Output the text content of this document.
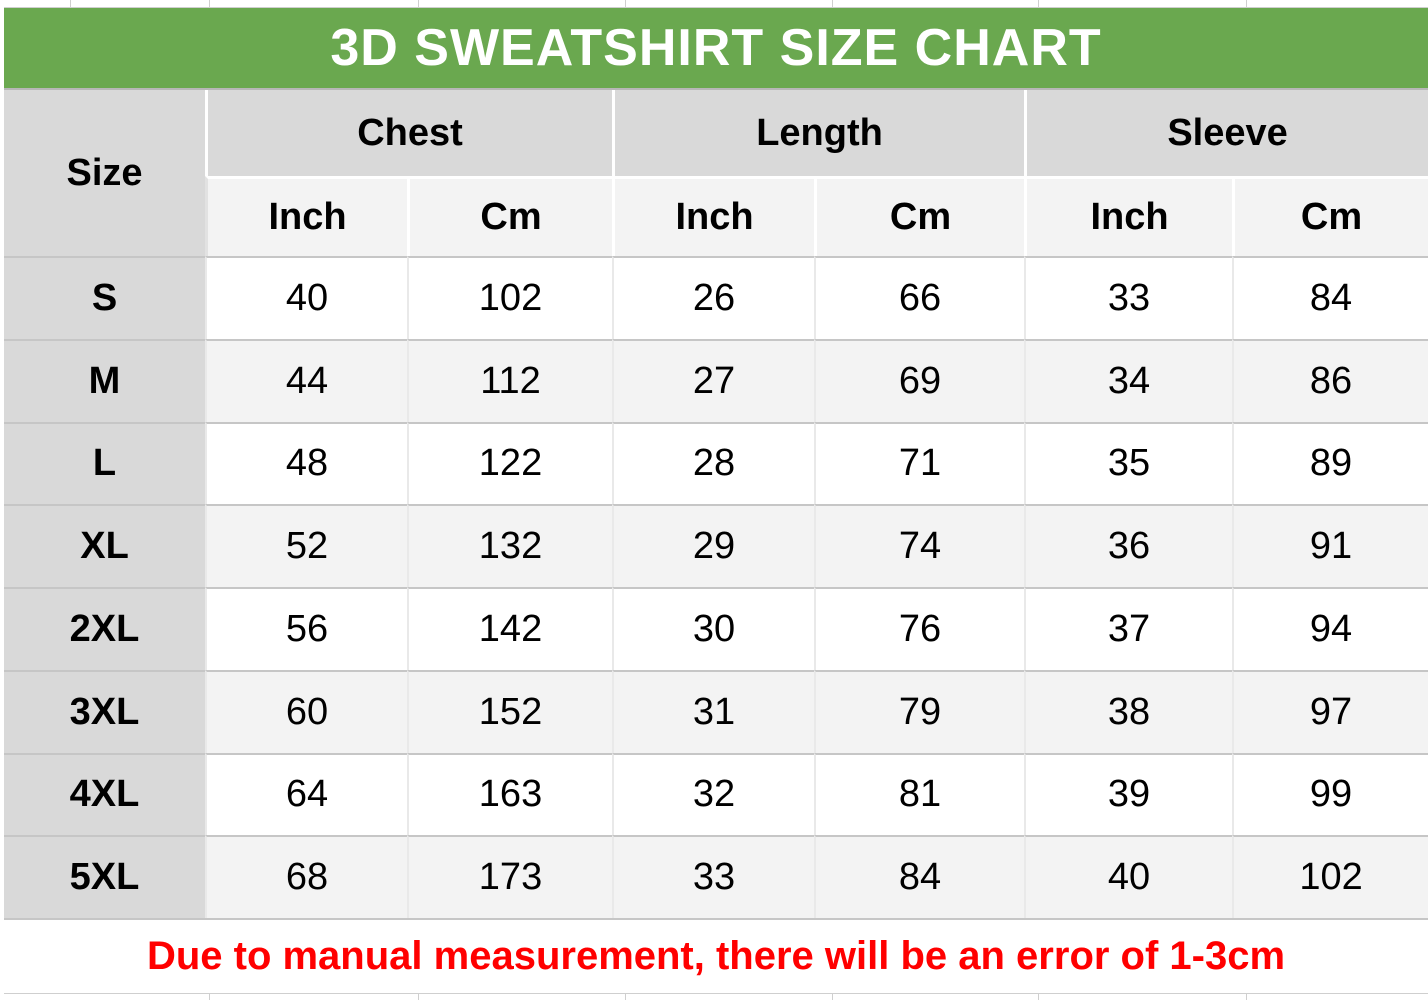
3D SWEATSHIRT SIZE CHART
Size	Chest		Length		Sleeve	
	Inch	Cm	Inch	Cm	Inch	Cm
S	40	102	26	66	33	84
M	44	112	27	69	34	86
L	48	122	28	71	35	89
XL	52	132	29	74	36	91
2XL	56	142	30	76	37	94
3XL	60	152	31	79	38	97
4XL	64	163	32	81	39	99
5XL	68	173	33	84	40	102
Due to manual measurement, there will be an error of 1-3cm
